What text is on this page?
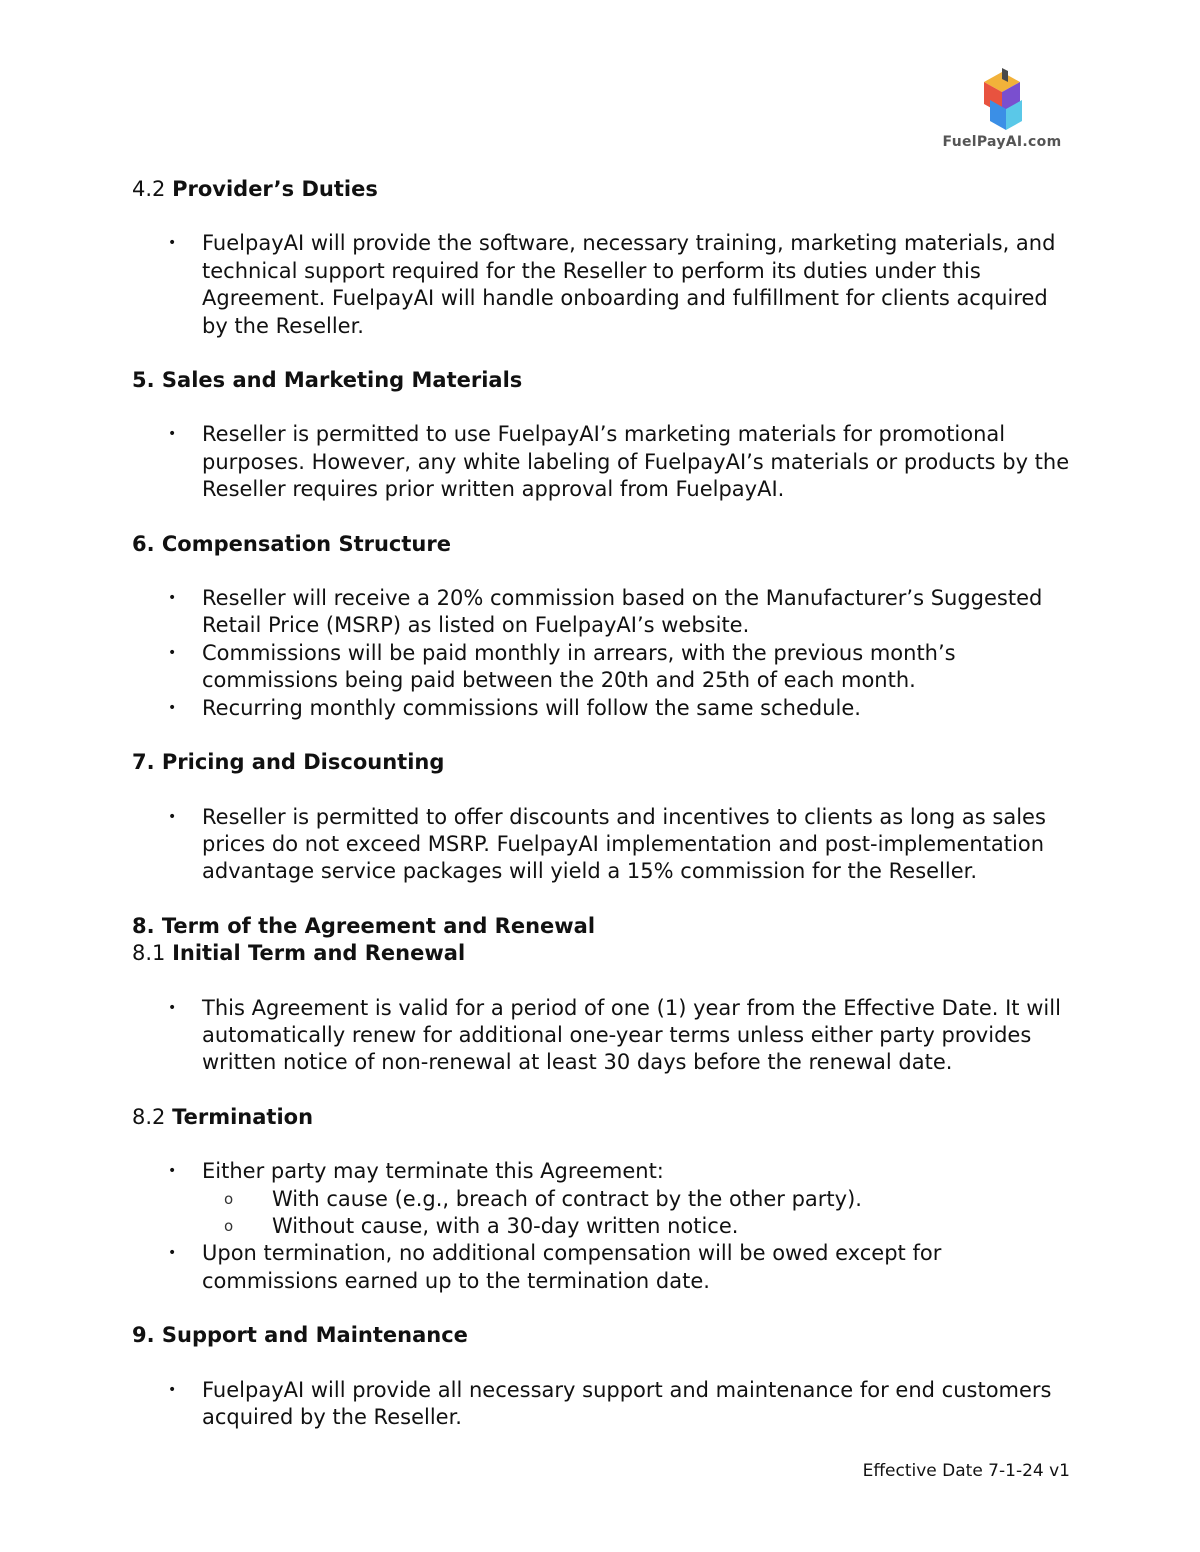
FuelPayAI.com

4.2 Provider’s Duties

• FuelpayAI will provide the software, necessary training, marketing materials, and technical support required for the Reseller to perform its duties under this Agreement. FuelpayAI will handle onboarding and fulfillment for clients acquired by the Reseller.

5. Sales and Marketing Materials

• Reseller is permitted to use FuelpayAI’s marketing materials for promotional purposes. However, any white labeling of FuelpayAI’s materials or products by the Reseller requires prior written approval from FuelpayAI.

6. Compensation Structure

• Reseller will receive a 20% commission based on the Manufacturer’s Suggested Retail Price (MSRP) as listed on FuelpayAI’s website.
• Commissions will be paid monthly in arrears, with the previous month’s commissions being paid between the 20th and 25th of each month.
• Recurring monthly commissions will follow the same schedule.

7. Pricing and Discounting

• Reseller is permitted to offer discounts and incentives to clients as long as sales prices do not exceed MSRP. FuelpayAI implementation and post-implementation advantage service packages will yield a 15% commission for the Reseller.

8. Term of the Agreement and Renewal

8.1 Initial Term and Renewal

• This Agreement is valid for a period of one (1) year from the Effective Date. It will automatically renew for additional one-year terms unless either party provides written notice of non-renewal at least 30 days before the renewal date.

8.2 Termination

• Either party may terminate this Agreement:
o With cause (e.g., breach of contract by the other party).
o Without cause, with a 30-day written notice.
• Upon termination, no additional compensation will be owed except for commissions earned up to the termination date.

9. Support and Maintenance

• FuelpayAI will provide all necessary support and maintenance for end customers acquired by the Reseller.
Effective Date 7-1-24 v1
